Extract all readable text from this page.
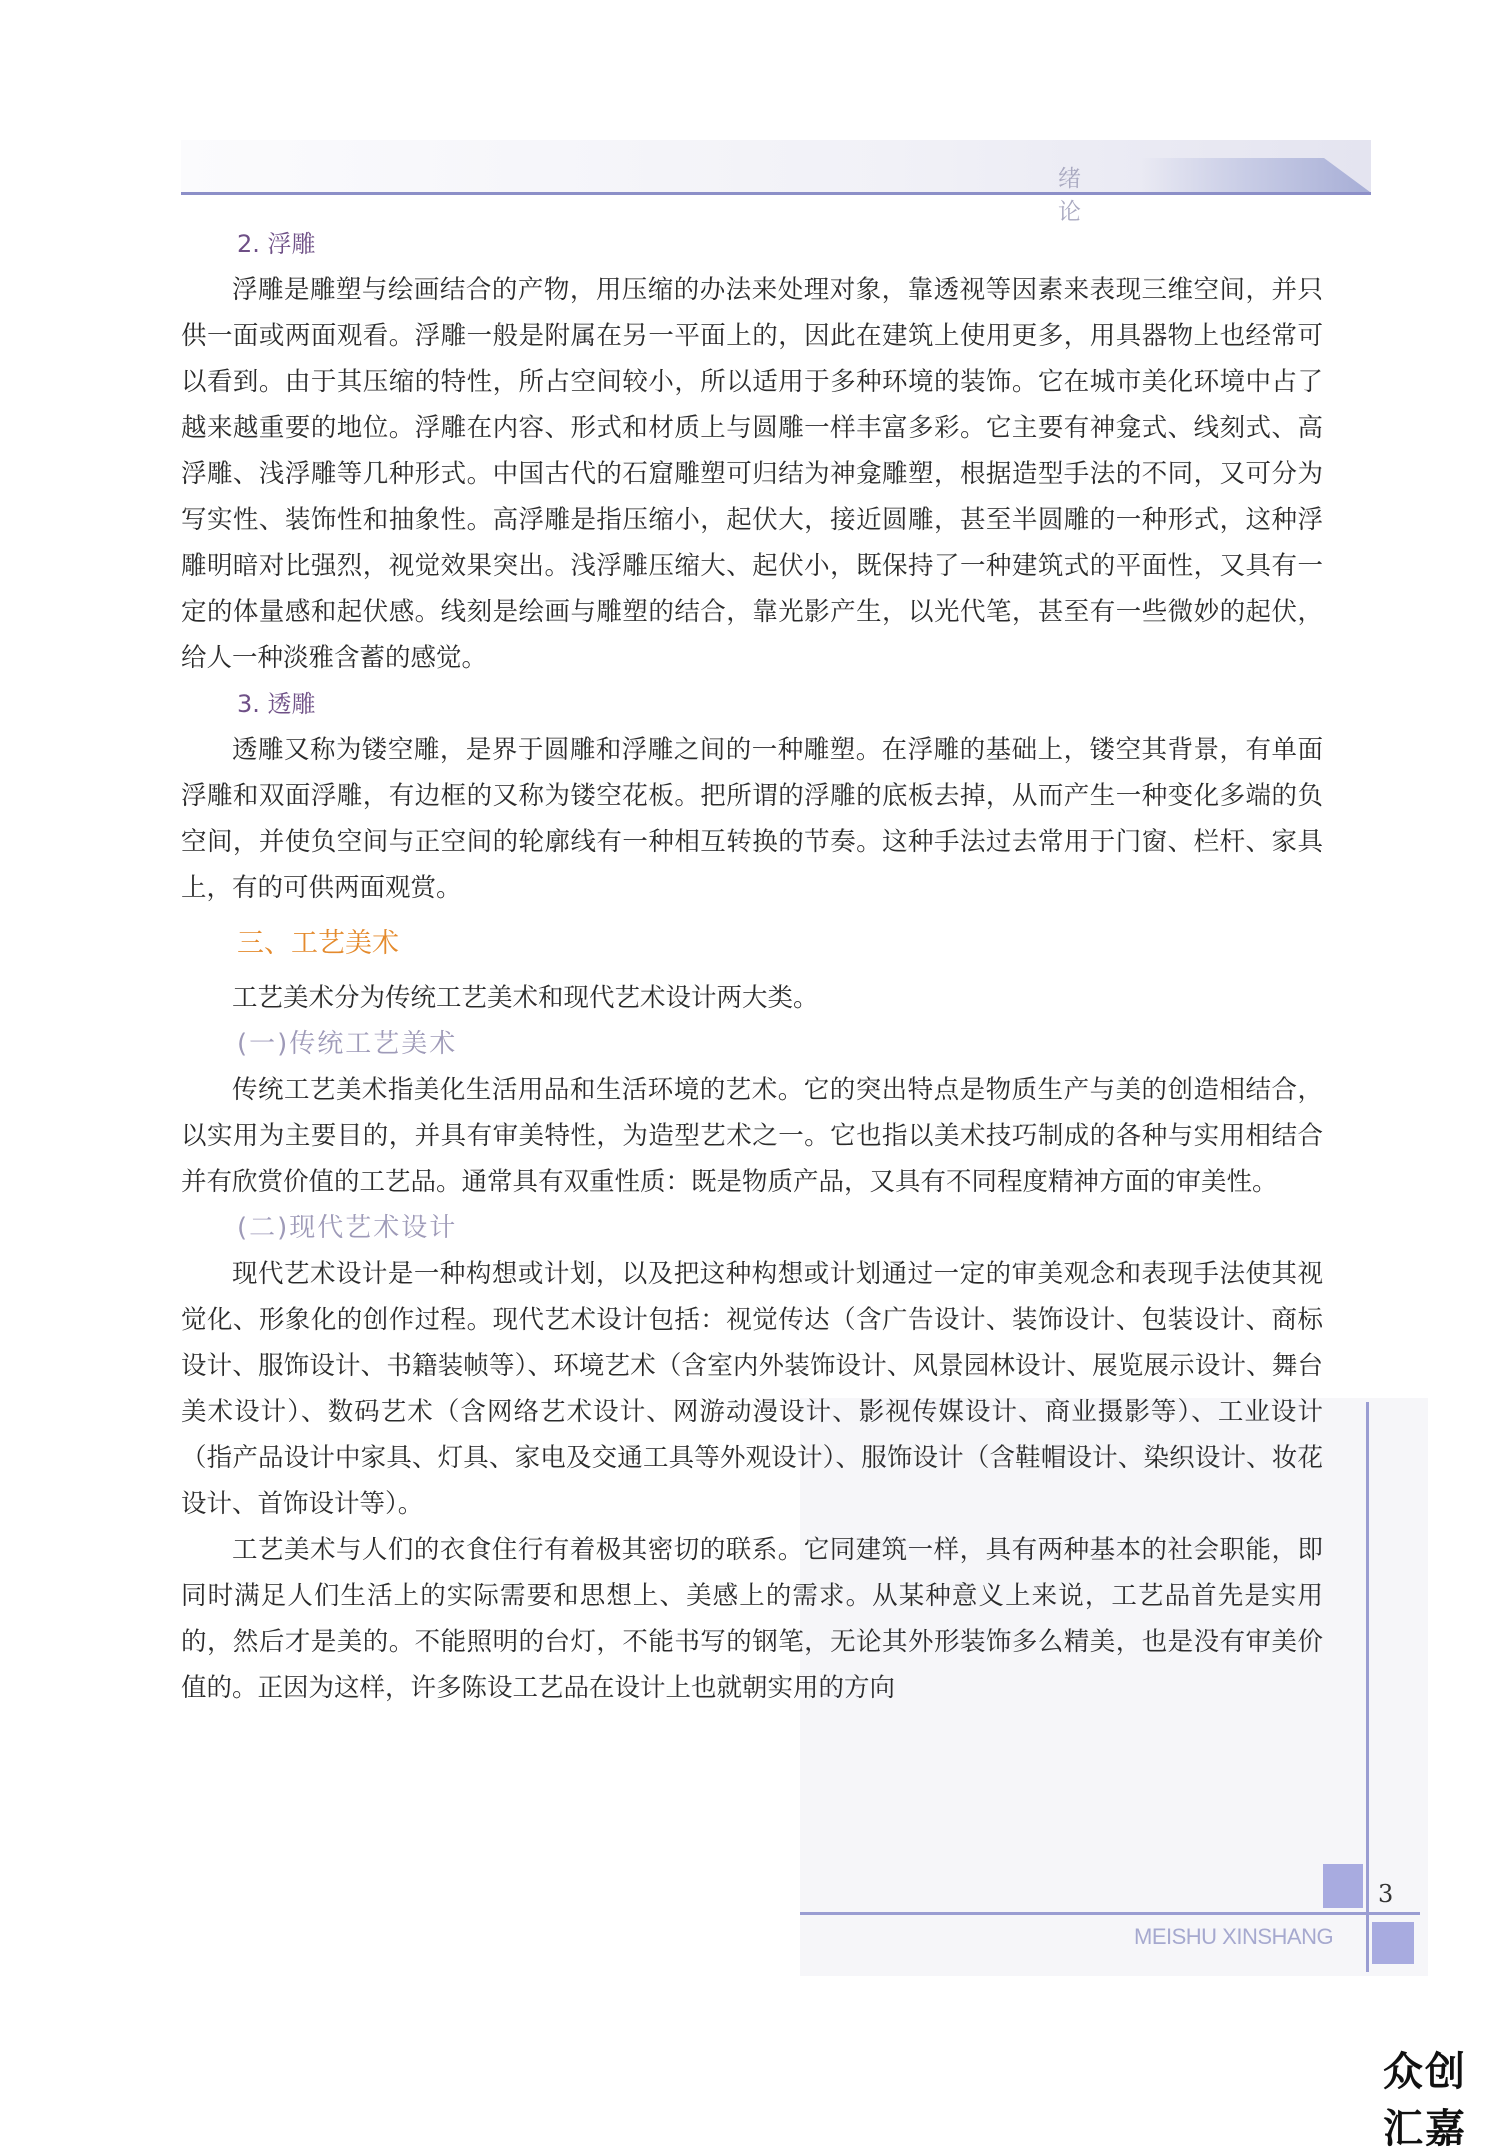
绪 论
2. 浮雕

浮雕是雕塑与绘画结合的产物，用压缩的办法来处理对象，靠透视等因素来表现三维空间，并只供一面或两面观看。浮雕一般是附属在另一平面上的，因此在建筑上使用更多，用具器物上也经常可以看到。由于其压缩的特性，所占空间较小，所以适用于多种环境的装饰。它在城市美化环境中占了越来越重要的地位。浮雕在内容、形式和材质上与圆雕一样丰富多彩。它主要有神龛式、线刻式、高浮雕、浅浮雕等几种形式。中国古代的石窟雕塑可归结为神龛雕塑，根据造型手法的不同，又可分为写实性、装饰性和抽象性。高浮雕是指压缩小，起伏大，接近圆雕，甚至半圆雕的一种形式，这种浮雕明暗对比强烈，视觉效果突出。浅浮雕压缩大、起伏小，既保持了一种建筑式的平面性，又具有一定的体量感和起伏感。线刻是绘画与雕塑的结合，靠光影产生，以光代笔，甚至有一些微妙的起伏，给人一种淡雅含蓄的感觉。

3. 透雕

透雕又称为镂空雕，是界于圆雕和浮雕之间的一种雕塑。在浮雕的基础上，镂空其背景，有单面浮雕和双面浮雕，有边框的又称为镂空花板。把所谓的浮雕的底板去掉，从而产生一种变化多端的负空间，并使负空间与正空间的轮廓线有一种相互转换的节奏。这种手法过去常用于门窗、栏杆、家具上，有的可供两面观赏。

三、工艺美术

工艺美术分为传统工艺美术和现代艺术设计两大类。

(一)传统工艺美术

传统工艺美术指美化生活用品和生活环境的艺术。它的突出特点是物质生产与美的创造相结合，以实用为主要目的，并具有审美特性，为造型艺术之一。它也指以美术技巧制成的各种与实用相结合并有欣赏价值的工艺品。通常具有双重性质：既是物质产品，又具有不同程度精神方面的审美性。

(二)现代艺术设计

现代艺术设计是一种构想或计划，以及把这种构想或计划通过一定的审美观念和表现手法使其视觉化、形象化的创作过程。现代艺术设计包括：视觉传达（含广告设计、装饰设计、包装设计、商标设计、服饰设计、书籍装帧等）、环境艺术（含室内外装饰设计、风景园林设计、展览展示设计、舞台美术设计）、数码艺术（含网络艺术设计、网游动漫设计、影视传媒设计、商业摄影等）、工业设计（指产品设计中家具、灯具、家电及交通工具等外观设计）、服饰设计（含鞋帽设计、染织设计、妆花设计、首饰设计等）。

工艺美术与人们的衣食住行有着极其密切的联系。它同建筑一样，具有两种基本的社会职能，即同时满足人们生活上的实际需要和思想上、美感上的需求。从某种意义上来说，工艺品首先是实用的，然后才是美的。不能照明的台灯，不能书写的钢笔，无论其外形装饰多么精美，也是没有审美价值的。正因为这样，许多陈设工艺品在设计上也就朝实用的方向

3
MEISHU XINSHANG
众创汇嘉
